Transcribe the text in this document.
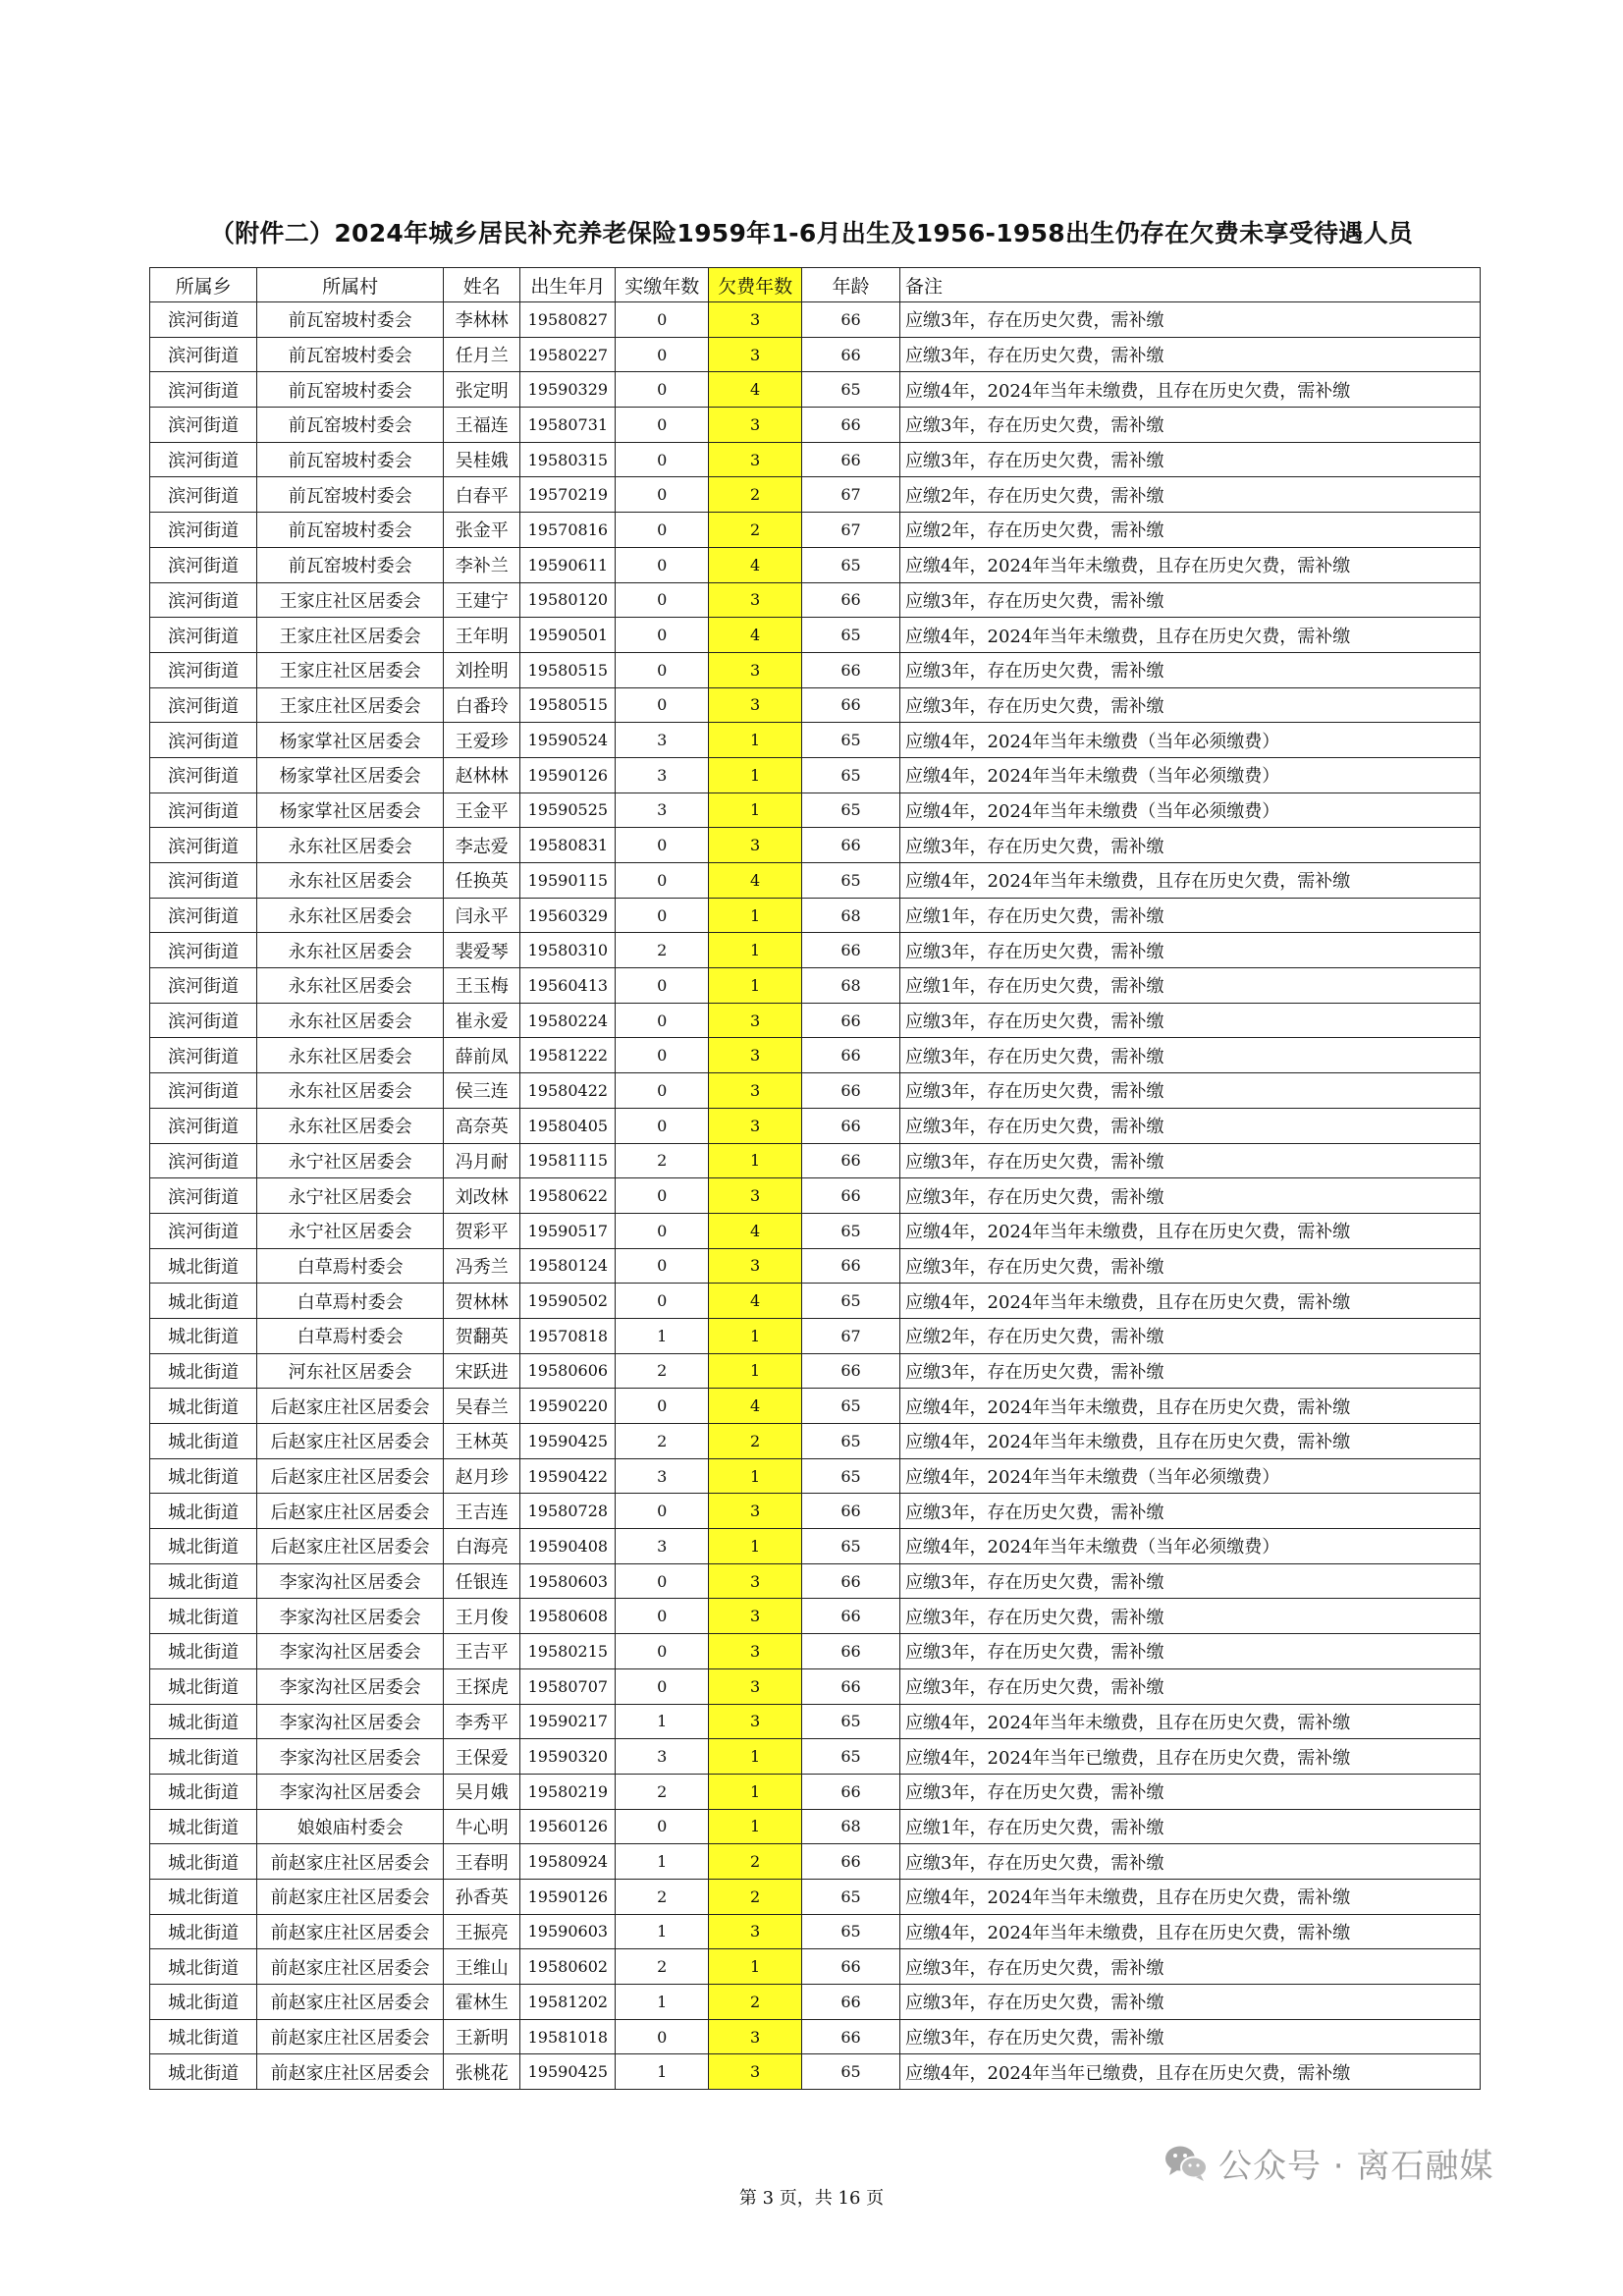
（附件二）2024年城乡居民补充养老保险1959年1-6月出生及1956-1958出生仍存在欠费未享受待遇人员
所属乡	所属村	姓名	出生年月	实缴年数	欠费年数	年龄	备注
滨河街道	前瓦窑坡村委会	李林林	19580827	0	3	66	应缴3年，存在历史欠费，需补缴
滨河街道	前瓦窑坡村委会	任月兰	19580227	0	3	66	应缴3年，存在历史欠费，需补缴
滨河街道	前瓦窑坡村委会	张定明	19590329	0	4	65	应缴4年，2024年当年未缴费，且存在历史欠费，需补缴
滨河街道	前瓦窑坡村委会	王福连	19580731	0	3	66	应缴3年，存在历史欠费，需补缴
滨河街道	前瓦窑坡村委会	吴桂娥	19580315	0	3	66	应缴3年，存在历史欠费，需补缴
滨河街道	前瓦窑坡村委会	白春平	19570219	0	2	67	应缴2年，存在历史欠费，需补缴
滨河街道	前瓦窑坡村委会	张金平	19570816	0	2	67	应缴2年，存在历史欠费，需补缴
滨河街道	前瓦窑坡村委会	李补兰	19590611	0	4	65	应缴4年，2024年当年未缴费，且存在历史欠费，需补缴
滨河街道	王家庄社区居委会	王建宁	19580120	0	3	66	应缴3年，存在历史欠费，需补缴
滨河街道	王家庄社区居委会	王年明	19590501	0	4	65	应缴4年，2024年当年未缴费，且存在历史欠费，需补缴
滨河街道	王家庄社区居委会	刘拴明	19580515	0	3	66	应缴3年，存在历史欠费，需补缴
滨河街道	王家庄社区居委会	白番玲	19580515	0	3	66	应缴3年，存在历史欠费，需补缴
滨河街道	杨家掌社区居委会	王爱珍	19590524	3	1	65	应缴4年，2024年当年未缴费（当年必须缴费）
滨河街道	杨家掌社区居委会	赵林林	19590126	3	1	65	应缴4年，2024年当年未缴费（当年必须缴费）
滨河街道	杨家掌社区居委会	王金平	19590525	3	1	65	应缴4年，2024年当年未缴费（当年必须缴费）
滨河街道	永东社区居委会	李志爱	19580831	0	3	66	应缴3年，存在历史欠费，需补缴
滨河街道	永东社区居委会	任换英	19590115	0	4	65	应缴4年，2024年当年未缴费，且存在历史欠费，需补缴
滨河街道	永东社区居委会	闫永平	19560329	0	1	68	应缴1年，存在历史欠费，需补缴
滨河街道	永东社区居委会	裴爱琴	19580310	2	1	66	应缴3年，存在历史欠费，需补缴
滨河街道	永东社区居委会	王玉梅	19560413	0	1	68	应缴1年，存在历史欠费，需补缴
滨河街道	永东社区居委会	崔永爱	19580224	0	3	66	应缴3年，存在历史欠费，需补缴
滨河街道	永东社区居委会	薛前凤	19581222	0	3	66	应缴3年，存在历史欠费，需补缴
滨河街道	永东社区居委会	侯三连	19580422	0	3	66	应缴3年，存在历史欠费，需补缴
滨河街道	永东社区居委会	高奈英	19580405	0	3	66	应缴3年，存在历史欠费，需补缴
滨河街道	永宁社区居委会	冯月耐	19581115	2	1	66	应缴3年，存在历史欠费，需补缴
滨河街道	永宁社区居委会	刘改林	19580622	0	3	66	应缴3年，存在历史欠费，需补缴
滨河街道	永宁社区居委会	贺彩平	19590517	0	4	65	应缴4年，2024年当年未缴费，且存在历史欠费，需补缴
城北街道	白草焉村委会	冯秀兰	19580124	0	3	66	应缴3年，存在历史欠费，需补缴
城北街道	白草焉村委会	贺林林	19590502	0	4	65	应缴4年，2024年当年未缴费，且存在历史欠费，需补缴
城北街道	白草焉村委会	贺翻英	19570818	1	1	67	应缴2年，存在历史欠费，需补缴
城北街道	河东社区居委会	宋跃进	19580606	2	1	66	应缴3年，存在历史欠费，需补缴
城北街道	后赵家庄社区居委会	吴春兰	19590220	0	4	65	应缴4年，2024年当年未缴费，且存在历史欠费，需补缴
城北街道	后赵家庄社区居委会	王林英	19590425	2	2	65	应缴4年，2024年当年未缴费，且存在历史欠费，需补缴
城北街道	后赵家庄社区居委会	赵月珍	19590422	3	1	65	应缴4年，2024年当年未缴费（当年必须缴费）
城北街道	后赵家庄社区居委会	王吉连	19580728	0	3	66	应缴3年，存在历史欠费，需补缴
城北街道	后赵家庄社区居委会	白海亮	19590408	3	1	65	应缴4年，2024年当年未缴费（当年必须缴费）
城北街道	李家沟社区居委会	任银连	19580603	0	3	66	应缴3年，存在历史欠费，需补缴
城北街道	李家沟社区居委会	王月俊	19580608	0	3	66	应缴3年，存在历史欠费，需补缴
城北街道	李家沟社区居委会	王吉平	19580215	0	3	66	应缴3年，存在历史欠费，需补缴
城北街道	李家沟社区居委会	王探虎	19580707	0	3	66	应缴3年，存在历史欠费，需补缴
城北街道	李家沟社区居委会	李秀平	19590217	1	3	65	应缴4年，2024年当年未缴费，且存在历史欠费，需补缴
城北街道	李家沟社区居委会	王保爱	19590320	3	1	65	应缴4年，2024年当年已缴费，且存在历史欠费，需补缴
城北街道	李家沟社区居委会	吴月娥	19580219	2	1	66	应缴3年，存在历史欠费，需补缴
城北街道	娘娘庙村委会	牛心明	19560126	0	1	68	应缴1年，存在历史欠费，需补缴
城北街道	前赵家庄社区居委会	王春明	19580924	1	2	66	应缴3年，存在历史欠费，需补缴
城北街道	前赵家庄社区居委会	孙香英	19590126	2	2	65	应缴4年，2024年当年未缴费，且存在历史欠费，需补缴
城北街道	前赵家庄社区居委会	王振亮	19590603	1	3	65	应缴4年，2024年当年未缴费，且存在历史欠费，需补缴
城北街道	前赵家庄社区居委会	王维山	19580602	2	1	66	应缴3年，存在历史欠费，需补缴
城北街道	前赵家庄社区居委会	霍林生	19581202	1	2	66	应缴3年，存在历史欠费，需补缴
城北街道	前赵家庄社区居委会	王新明	19581018	0	3	66	应缴3年，存在历史欠费，需补缴
城北街道	前赵家庄社区居委会	张桃花	19590425	1	3	65	应缴4年，2024年当年已缴费，且存在历史欠费，需补缴
第 3 页，共 16 页
公众号 · 离石融媒
